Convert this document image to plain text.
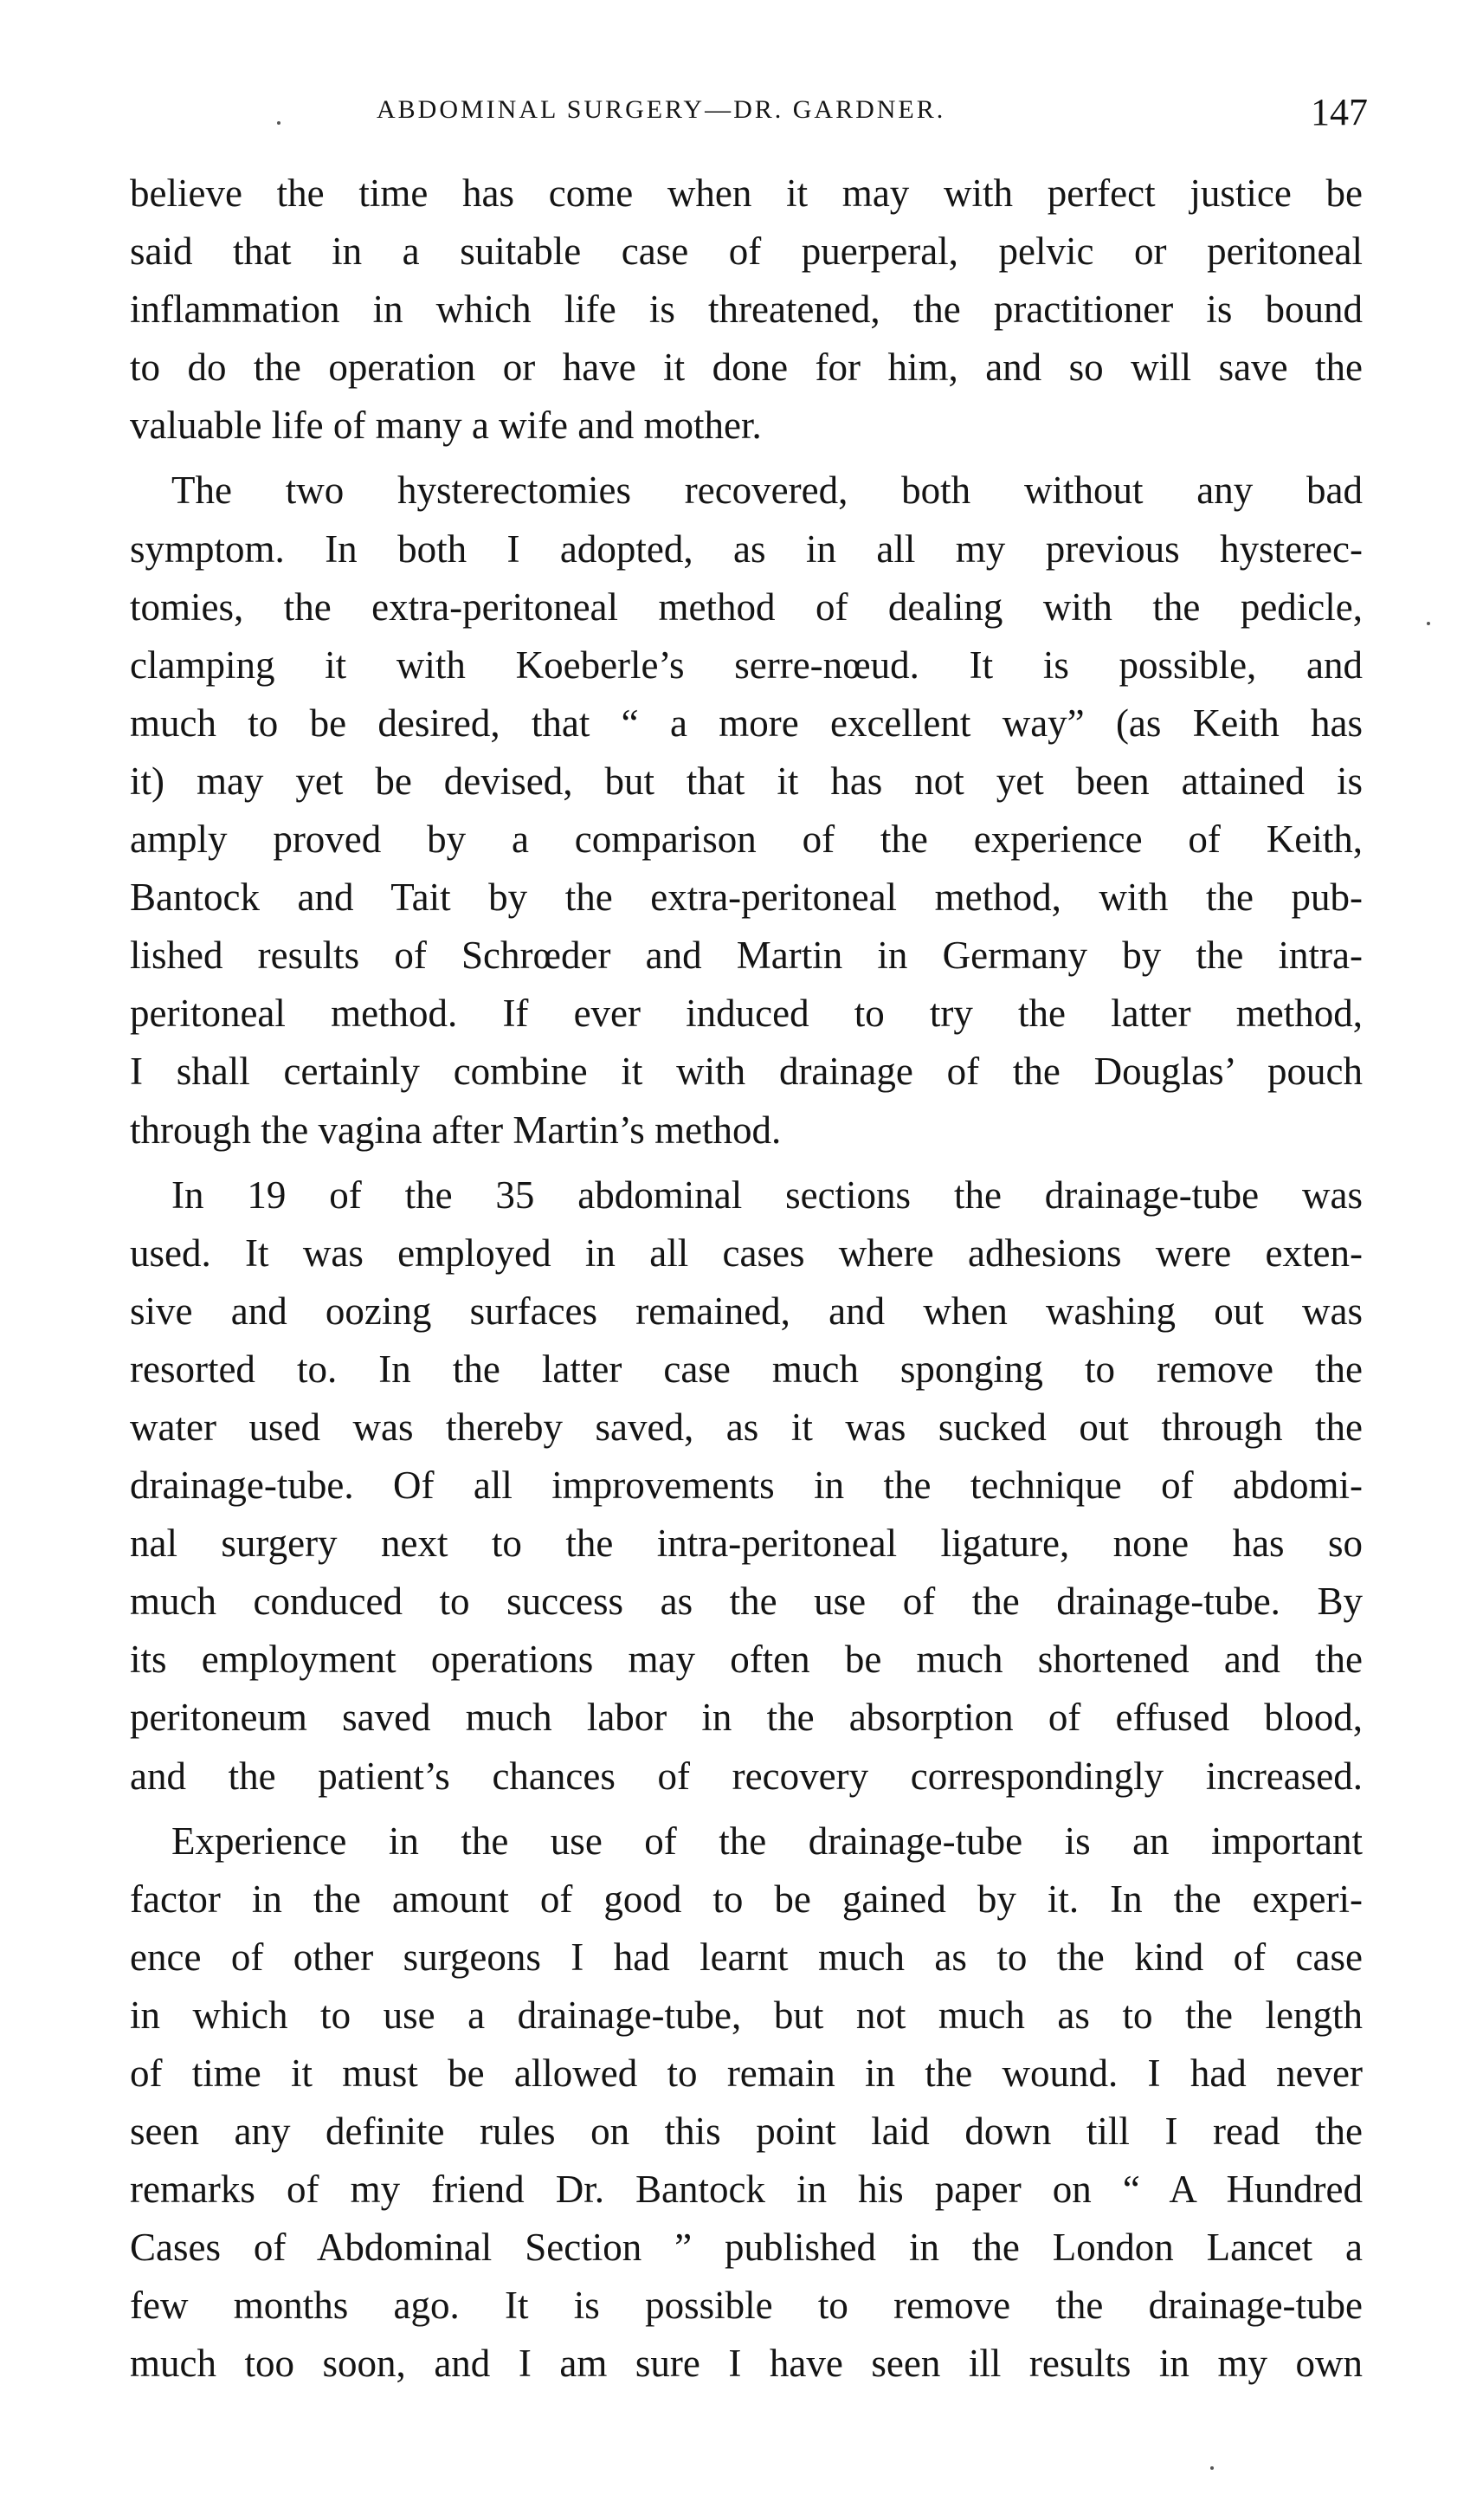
ABDOMINAL SURGERY—DR. GARDNER.	147
believe the time has come when it may with perfect justice be
said that in a suitable case of puerperal, pelvic or peritoneal
inflammation in which life is threatened, the practitioner is bound
to do the operation or have it done for him, and so will save the
valuable life of many a wife and mother.
The two hysterectomies recovered, both without any bad
symptom. In both I adopted, as in all my previous hysterec-
tomies, the extra-peritoneal method of dealing with the pedicle,
clamping it with Koeberle’s serre-nœud. It is possible, and
much to be desired, that “ a more excellent way” (as Keith has
it) may yet be devised, but that it has not yet been attained is
amply proved by a comparison of the experience of Keith,
Bantock and Tait by the extra-peritoneal method, with the pub-
lished results of Schrœder and Martin in Germany by the intra-
peritoneal method. If ever induced to try the latter method,
I shall certainly combine it with drainage of the Douglas’ pouch
through the vagina after Martin’s method.
In 19 of the 35 abdominal sections the drainage-tube was
used. It was employed in all cases where adhesions were exten-
sive and oozing surfaces remained, and when washing out was
resorted to. In the latter case much sponging to remove the
water used was thereby saved, as it was sucked out through the
drainage-tube. Of all improvements in the technique of abdomi-
nal surgery next to the intra-peritoneal ligature, none has so
much conduced to success as the use of the drainage-tube. By
its employment operations may often be much shortened and the
peritoneum saved much labor in the absorption of effused blood,
and the patient’s chances of recovery correspondingly increased.
Experience in the use of the drainage-tube is an important
factor in the amount of good to be gained by it. In the experi-
ence of other surgeons I had learnt much as to the kind of case
in which to use a drainage-tube, but not much as to the length
of time it must be allowed to remain in the wound. I had never
seen any definite rules on this point laid down till I read the
remarks of my friend Dr. Bantock in his paper on “ A Hundred
Cases of Abdominal Section ” published in the London Lancet a
few months ago. It is possible to remove the drainage-tube
much too soon, and I am sure I have seen ill results in my own
